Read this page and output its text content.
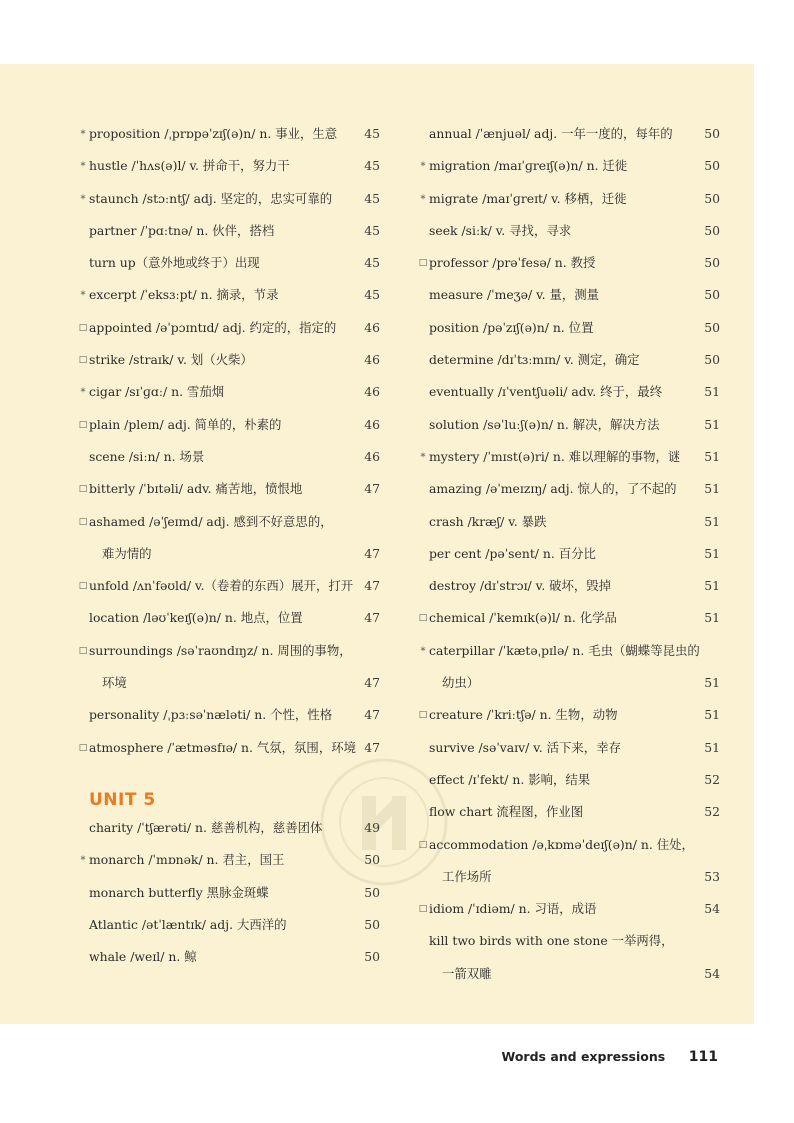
* proposition /ˌprɒpəˈzɪʃ(ə)n/ n. 事业，生意 45
* hustle /ˈhʌs(ə)l/ v. 拼命干，努力干	45
* staunch /stɔːntʃ/ adj. 坚定的，忠实可靠的	45
partner /ˈpɑːtnə/ n. 伙伴，搭档	45
turn up（意外地或终于）出现	45
* excerpt /ˈeksɜːpt/ n. 摘录，节录	45
□ appointed /əˈpɔɪntɪd/ adj. 约定的，指定的 46
□ strike /straɪk/ v. 划（火柴）	46
* cigar /sɪˈɡɑː/ n. 雪茄烟	46
□ plain /pleɪn/ adj. 简单的，朴素的	46
scene /siːn/ n. 场景	46
□ bitterly /ˈbɪtəli/ adv. 痛苦地，愤恨地	47
□ ashamed /əˈʃeɪmd/ adj. 感到不好意思的，
难为情的	47
□ unfold /ʌnˈfəʊld/ v.（卷着的东西）展开，打开 47
location /ləʊˈkeɪʃ(ə)n/ n. 地点，位置	47
□ surroundings /səˈraʊndɪŋz/ n. 周围的事物，
环境	47
personality /ˌpɜːsəˈnæləti/ n. 个性，性格	47
□ atmosphere /ˈætməsfɪə/ n. 气氛，氛围，环境 47
UNIT 5
charity /ˈtʃærəti/ n. 慈善机构，慈善团体	49
* monarch /ˈmɒnək/ n. 君主，国王	50
monarch butterfly 黑脉金斑蝶	50
Atlantic /ətˈlæntɪk/ adj. 大西洋的	50
whale /weɪl/ n. 鲸	50
annual /ˈænjuəl/ adj. 一年一度的，每年的	50
* migration /maɪˈɡreɪʃ(ə)n/ n. 迁徙	50
* migrate /maɪˈɡreɪt/ v. 移栖，迁徙	50
seek /siːk/ v. 寻找，寻求	50
□ professor /prəˈfesə/ n. 教授	50
measure /ˈmeʒə/ v. 量，测量	50
position /pəˈzɪʃ(ə)n/ n. 位置	50
determine /dɪˈtɜːmɪn/ v. 测定，确定	50
eventually /ɪˈventʃuəli/ adv. 终于，最终	51
solution /səˈluːʃ(ə)n/ n. 解决，解决方法	51
* mystery /ˈmɪst(ə)ri/ n. 难以理解的事物，谜 51
amazing /əˈmeɪzɪŋ/ adj. 惊人的，了不起的 51
crash /kræʃ/ v. 暴跌	51
per cent /pəˈsent/ n. 百分比	51
destroy /dɪˈstrɔɪ/ v. 破坏，毁掉	51
□ chemical /ˈkemɪk(ə)l/ n. 化学品	51
* caterpillar /ˈkætəˌpɪlə/ n. 毛虫（蝴蝶等昆虫的
幼虫）	51
□ creature /ˈkriːtʃə/ n. 生物，动物	51
survive /səˈvaɪv/ v. 活下来，幸存	51
effect /ɪˈfekt/ n. 影响，结果	52
flow chart 流程图，作业图	52
□ accommodation /əˌkɒməˈdeɪʃ(ə)n/ n. 住处，
工作场所	53
□ idiom /ˈɪdiəm/ n. 习语，成语	54
kill two birds with one stone 一举两得，
一箭双雕	54
Words and expressions 111
